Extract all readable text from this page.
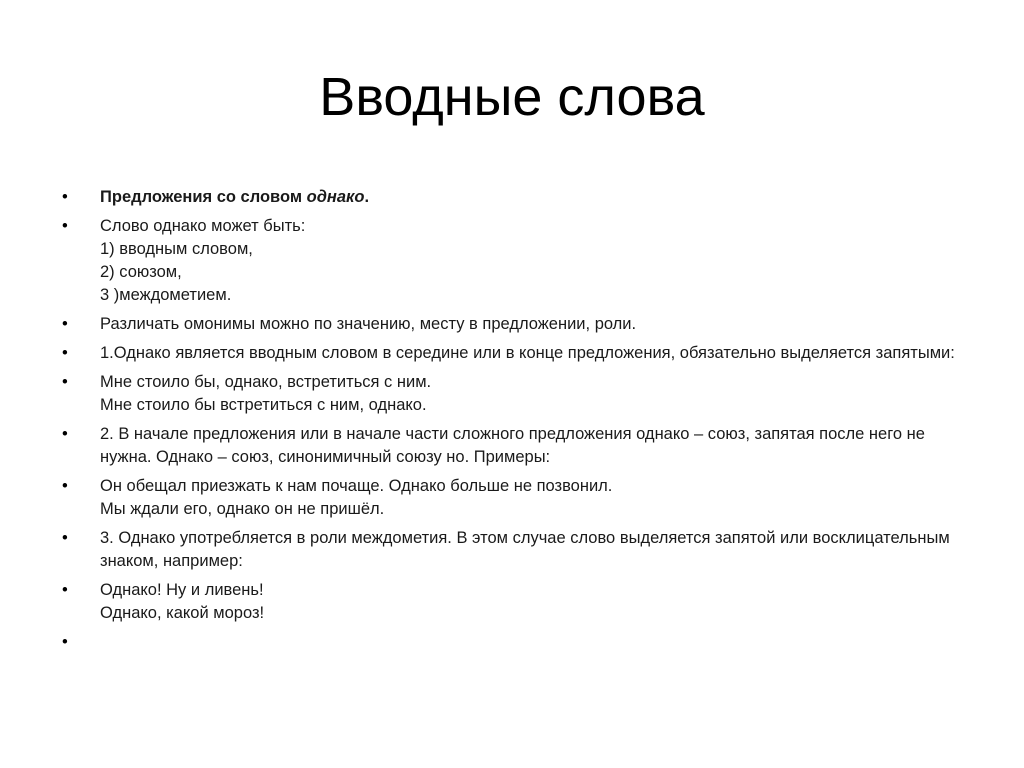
Вводные слова
• Предложения со словом однако.
• Слово однако может быть:
1) вводным словом,
2) союзом,
3 )междометием.
• Различать омонимы можно по значению, месту в предложении, роли.
• 1.Однако является вводным словом в середине или в конце предложения, обязательно выделяется запятыми:
• Мне стоило бы, однако, встретиться с ним.
Мне стоило бы встретиться с ним, однако.
• 2. В начале предложения или в начале части сложного предложения однако – союз, запятая после него не нужна. Однако – союз, синонимичный союзу но. Примеры:
• Он обещал приезжать к нам почаще. Однако больше не позвонил.
Мы ждали его, однако он не пришёл.
• 3. Однако употребляется в роли междометия. В этом случае слово выделяется запятой или восклицательным знаком, например:
• Однако! Ну и ливень!
Однако, какой мороз!
•
